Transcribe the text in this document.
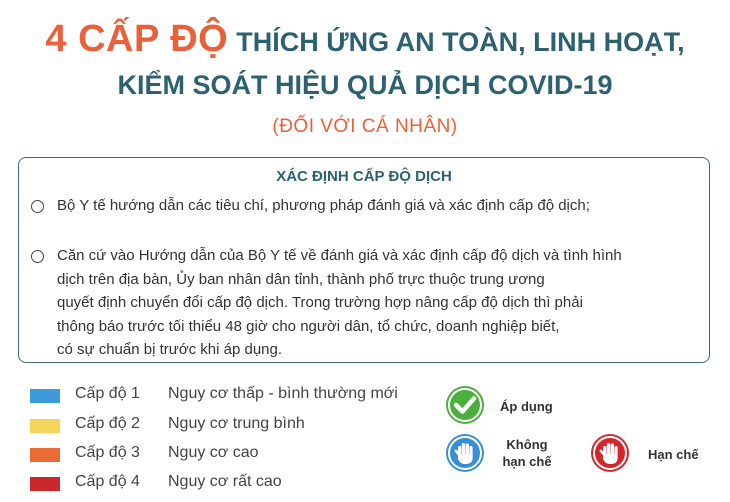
4 CẤP ĐỘ THÍCH ỨNG AN TOÀN, LINH HOẠT,
KIỂM SOÁT HIỆU QUẢ DỊCH COVID-19
(ĐỐI VỚI CÁ NHÂN)
XÁC ĐỊNH CẤP ĐỘ DỊCH
Bộ Y tế hướng dẫn các tiêu chí, phương pháp đánh giá và xác định cấp độ dịch;
Căn cứ vào Hướng dẫn của Bộ Y tế về đánh giá và xác định cấp độ dịch và tình hình
dịch trên địa bàn, Ủy ban nhân dân tỉnh, thành phố trực thuộc trung ương
quyết định chuyển đổi cấp độ dịch. Trong trường hợp nâng cấp độ dịch thì phải
thông báo trước tối thiểu 48 giờ cho người dân, tổ chức, doanh nghiệp biết,
có sự chuẩn bị trước khi áp dụng.
Cấp độ 1 Nguy cơ thấp - bình thường mới
Cấp độ 2 Nguy cơ trung bình
Cấp độ 3 Nguy cơ cao
Cấp độ 4 Nguy cơ rất cao
Áp dụng
Không
hạn chế	Hạn chế
